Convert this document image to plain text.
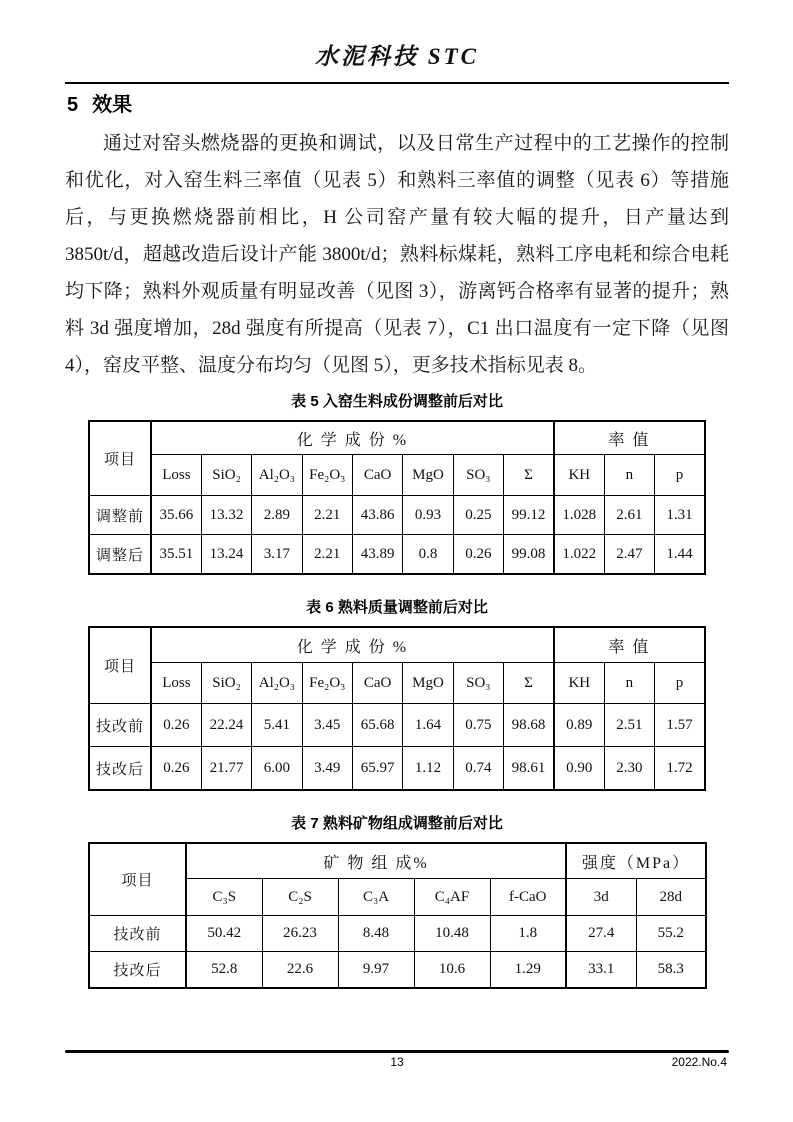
水泥科技 STC
5 效果

通过对窑头燃烧器的更换和调试，以及日常生产过程中的工艺操作的控制和优化，对入窑生料三率值（见表 5）和熟料三率值的调整（见表 6）等措施后，与更换燃烧器前相比，H 公司窑产量有较大幅的提升，日产量达到 3850t/d，超越改造后设计产能 3800t/d；熟料标煤耗，熟料工序电耗和综合电耗均下降；熟料外观质量有明显改善（见图 3），游离钙合格率有显著的提升；熟料 3d 强度增加，28d 强度有所提高（见表 7），C1 出口温度有一定下降（见图 4），窑皮平整、温度分布均匀（见图 5），更多技术指标见表 8。

表 5 入窑生料成份调整前后对比
项目	化 学 成 份 %								率 值		
	Loss	SiO₂	Al₂O₃	Fe₂O₃	CaO	MgO	SO₃	Σ	KH	n	p
调整前	35.66	13.32	2.89	2.21	43.86	0.93	0.25	99.12	1.028	2.61	1.31
调整后	35.51	13.24	3.17	2.21	43.89	0.8	0.26	99.08	1.022	2.47	1.44
表 6 熟料质量调整前后对比
项目	化 学 成 份 %								率 值		
	Loss	SiO₂	Al₂O₃	Fe₂O₃	CaO	MgO	SO₃	Σ	KH	n	p
技改前	0.26	22.24	5.41	3.45	65.68	1.64	0.75	98.68	0.89	2.51	1.57
技改后	0.26	21.77	6.00	3.49	65.97	1.12	0.74	98.61	0.90	2.30	1.72
表 7 熟料矿物组成调整前后对比
项目	矿 物 组 成%					强度（MPa）	
	C₃S	C₂S	C₃A	C₄AF	f-CaO	3d	28d
技改前	50.42	26.23	8.48	10.48	1.8	27.4	55.2
技改后	52.8	22.6	9.97	10.6	1.29	33.1	58.3
13	2022.No.4
